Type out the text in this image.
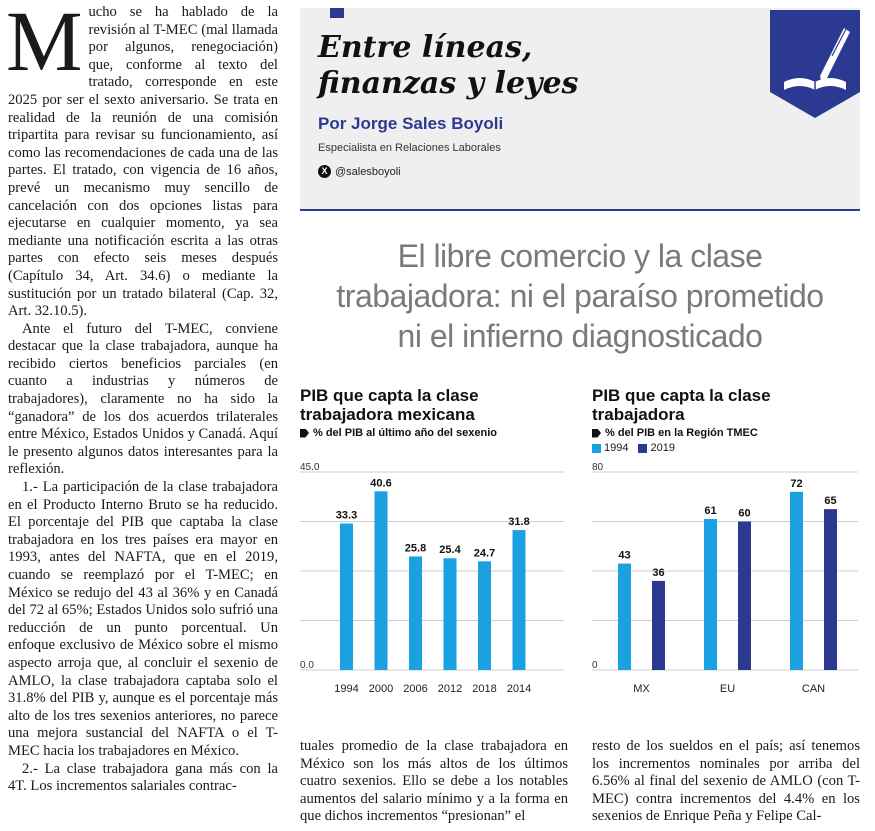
M ucho se ha hablado de la revisión al T-MEC (mal llamada por algunos, renegociación) que, conforme al texto del tratado, corresponde en este 2025 por ser el sexto aniversario. Se trata en realidad de la reunión de una comisión tripartita para revisar su funcionamiento, así como las recomendaciones de cada una de las partes. El tratado, con vigencia de 16 años, prevé un mecanismo muy sencillo de cancelación con dos opciones listas para ejecutarse en cualquier momento, ya sea mediante una notificación escrita a las otras partes con efecto seis meses después (Capítulo 34, Art. 34.6) o mediante la sustitución por un tratado bilateral (Cap. 32, Art. 32.10.5).

Ante el futuro del T-MEC, conviene destacar que la clase trabajadora, aunque ha recibido ciertos beneficios parciales (en cuanto a industrias y números de trabajadores), claramente no ha sido la “ganadora” de los dos acuerdos trilaterales entre México, Estados Unidos y Canadá. Aquí le presento algunos datos interesantes para la reflexión.

1.- La participación de la clase trabajadora en el Producto Interno Bruto se ha reducido. El porcentaje del PIB que captaba la clase trabajadora en los tres países era mayor en 1993, antes del NAFTA, que en el 2019, cuando se reemplazó por el T-MEC; en México se redujo del 43 al 36% y en Canadá del 72 al 65%; Estados Unidos solo sufrió una reducción de un punto porcentual. Un enfoque exclusivo de México sobre el mismo aspecto arroja que, al concluir el sexenio de AMLO, la clase trabajadora captaba solo el 31.8% del PIB y, aunque es el porcentaje más alto de los tres sexenios anteriores, no parece una mejora sustancial del NAFTA o el T-MEC hacia los trabajadores en México.

2.- La clase trabajadora gana más con la 4T. Los incrementos salariales contrac-

Entre líneas,
finanzas y leyes
Por Jorge Sales Boyoli
Especialista en Relaciones Laborales
X @salesboyoli
El libre comercio y la clase
trabajadora: ni el paraíso prometido
ni el infierno diagnosticado
PIB que capta la clase trabajadora mexicana
% del PIB al último año del sexenio
PIB que capta la clase trabajadora
% del PIB en la Región TMEC
1994	2019
45.0
0.0
33.3
1994
40.6
2000
25.8
2006
25.4
2012
24.7
2018
31.8
2014
80
0
43
36
MX
61 60
EU
72
65
CAN

tuales promedio de la clase trabajadora en México son los más altos de los últimos cuatro sexenios. Ello se debe a los notables aumentos del salario mínimo y a la forma en que dichos incrementos “presionan” el

resto de los sueldos en el país; así tenemos los incrementos nominales por arriba del 6.56% al final del sexenio de AMLO (con T-MEC) contra incrementos del 4.4% en los sexenios de Enrique Peña y Felipe Cal-
